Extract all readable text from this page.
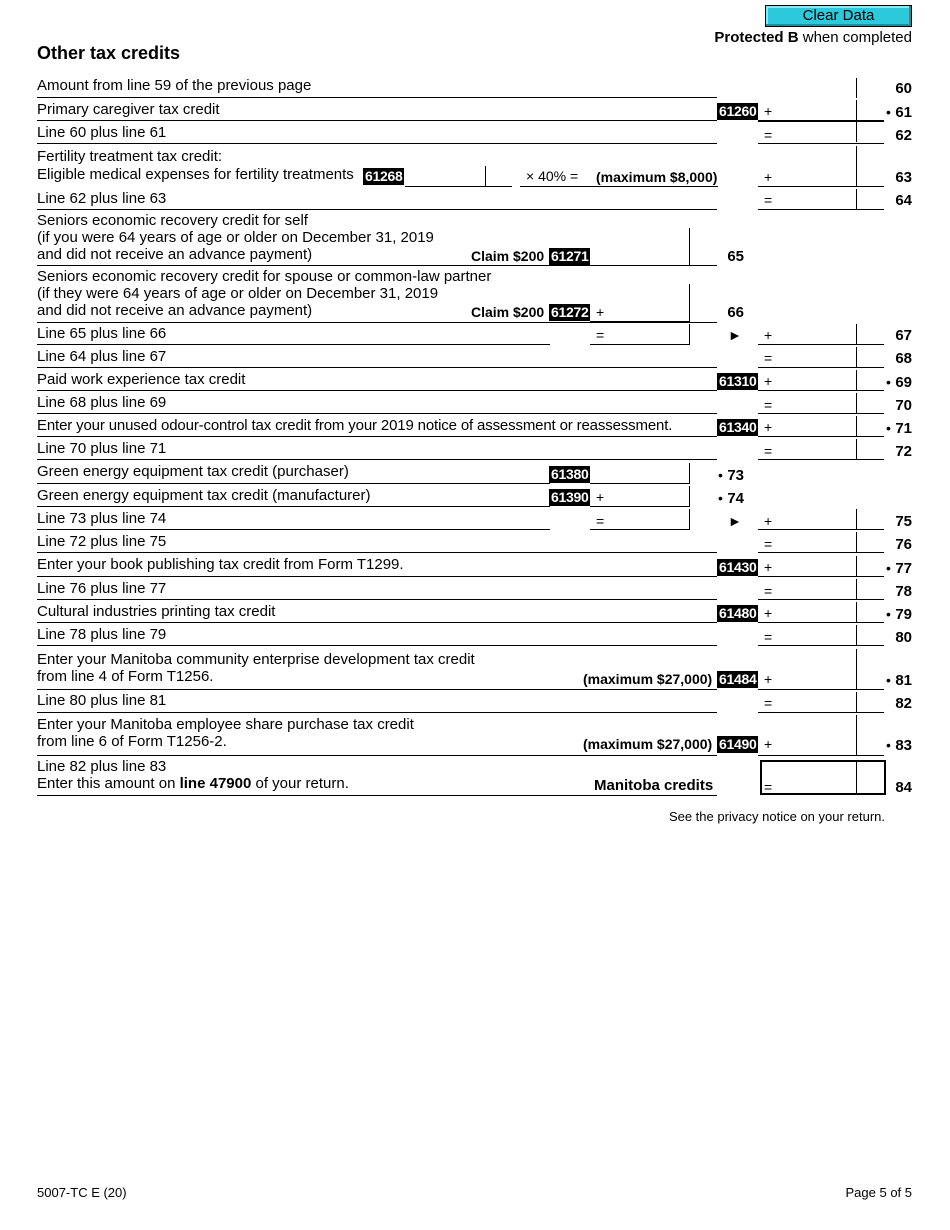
Clear Data
Protected B when completed
Other tax credits
Amount from line 59 of the previous page	60
Primary caregiver tax credit	61260 +	• 61
Line 60 plus line 61	=	62
Fertility treatment tax credit:
Eligible medical expenses for fertility treatments 61268	× 40% = (maximum $8,000)	+	63
Line 62 plus line 63	=	64
Seniors economic recovery credit for self
(if you were 64 years of age or older on December 31, 2019
and did not receive an advance payment)	Claim $200 61271	65
Seniors economic recovery credit for spouse or common-law partner
(if they were 64 years of age or older on December 31, 2019
and did not receive an advance payment)	Claim $200 61272 +	66
Line 65 plus line 66	=	► +	67
Line 64 plus line 67	=	68
Paid work experience tax credit	61310 +	• 69
Line 68 plus line 69	=	70
Enter your unused odour-control tax credit from your 2019 notice of assessment or reassessment.	61340 +	• 71
Line 70 plus line 71	=	72
Green energy equipment tax credit (purchaser)	61380	• 73
Green energy equipment tax credit (manufacturer)	61390 +	• 74
Line 73 plus line 74	=	► +	75
Line 72 plus line 75	=	76
Enter your book publishing tax credit from Form T1299.	61430 +	• 77
Line 76 plus line 77	=	78
Cultural industries printing tax credit	61480 +	• 79
Line 78 plus line 79	=	80
Enter your Manitoba community enterprise development tax credit
from line 4 of Form T1256.	(maximum $27,000) 61484 +	• 81
Line 80 plus line 81	=	82
Enter your Manitoba employee share purchase tax credit
from line 6 of Form T1256-2.	(maximum $27,000) 61490 +	• 83
Line 82 plus line 83
Enter this amount on line 47900 of your return.	Manitoba credits	=	84
See the privacy notice on your return.
5007-TC E (20)	Page 5 of 5
